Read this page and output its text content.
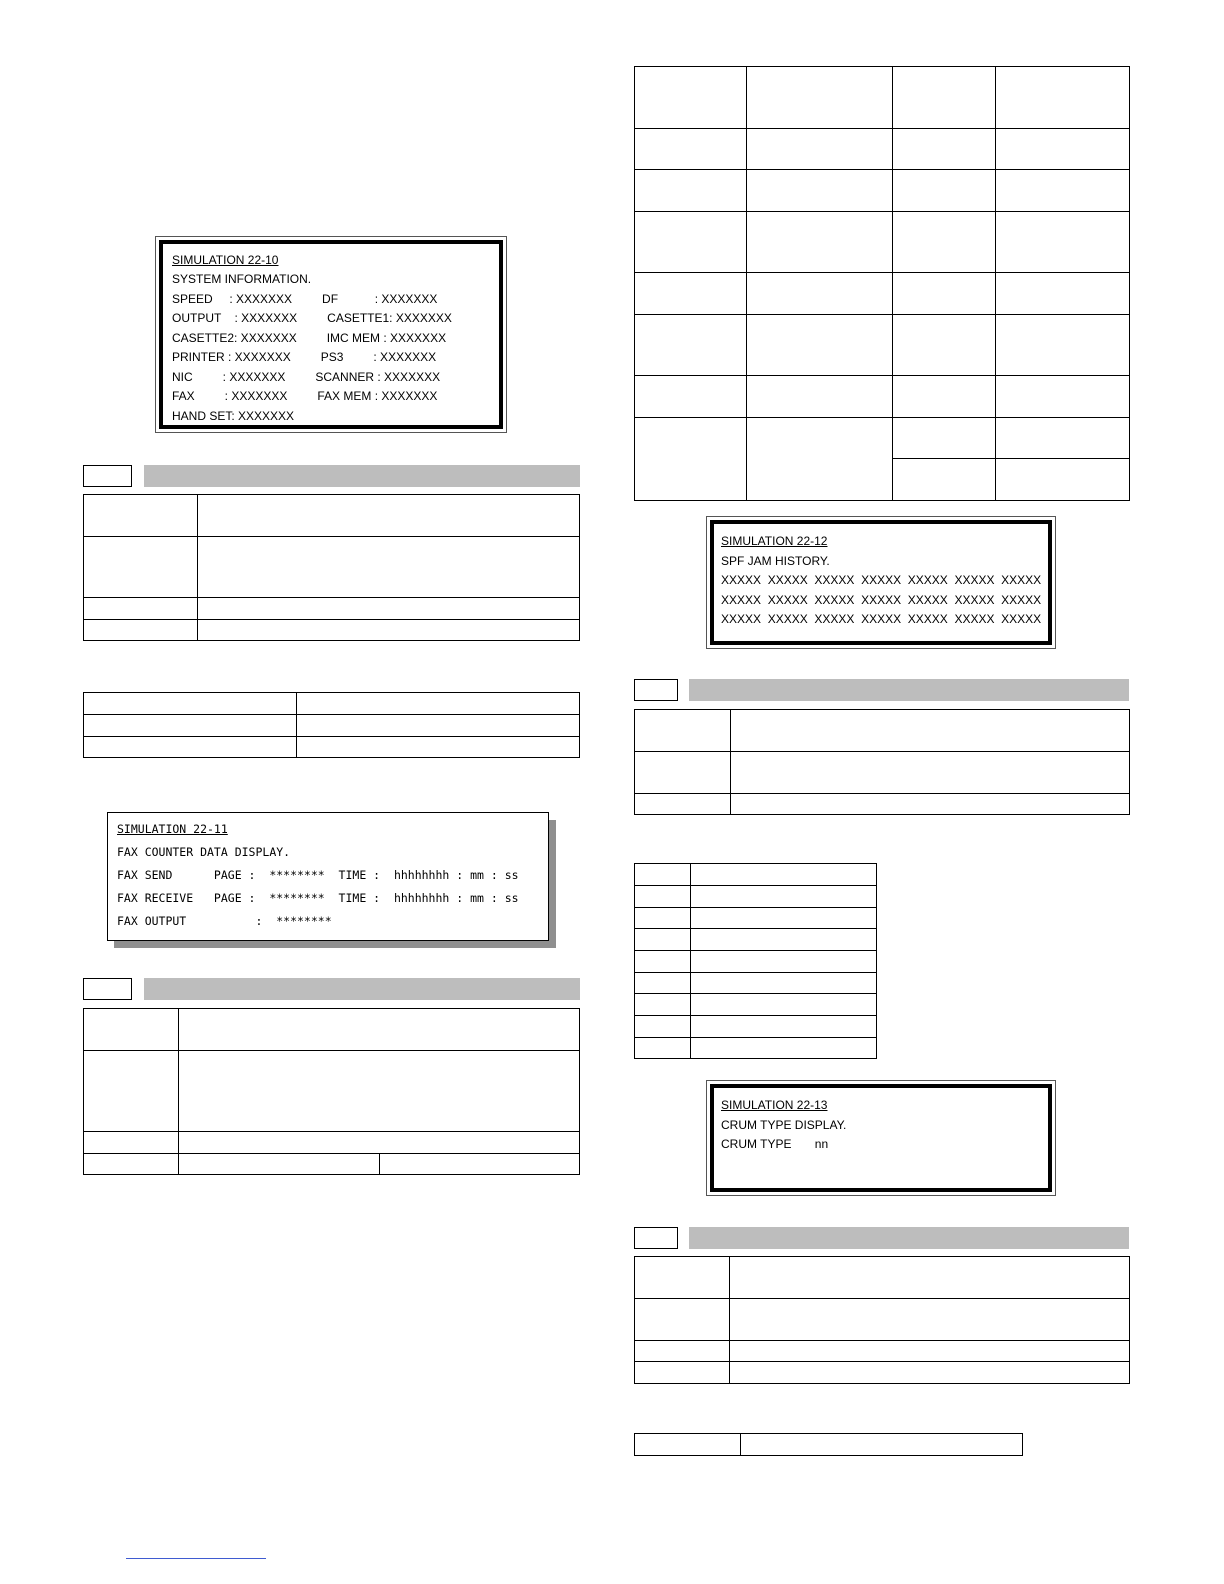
SIMULATION 22-10
SYSTEM INFORMATION.
SPEED     : XXXXXXX         DF           : XXXXXXX
OUTPUT    : XXXXXXX         CASETTE1: XXXXXXX
CASETTE2: XXXXXXX         IMC MEM : XXXXXXX
PRINTER : XXXXXXX         PS3         : XXXXXXX
NIC         : XXXXXXX         SCANNER : XXXXXXX
FAX         : XXXXXXX         FAX MEM : XXXXXXX
HAND SET: XXXXXXX

SIMULATION 22-11
FAX COUNTER DATA DISPLAY.
FAX SEND      PAGE :  ********  TIME :  hhhhhhhh : mm : ss
FAX RECEIVE   PAGE :  ********  TIME :  hhhhhhhh : mm : ss
FAX OUTPUT          :  ********

SIMULATION 22-12
SPF JAM HISTORY.
XXXXX  XXXXX  XXXXX  XXXXX  XXXXX  XXXXX  XXXXX
XXXXX  XXXXX  XXXXX  XXXXX  XXXXX  XXXXX  XXXXX
XXXXX  XXXXX  XXXXX  XXXXX  XXXXX  XXXXX  XXXXX

SIMULATION 22-13
CRUM TYPE DISPLAY.
CRUM TYPE       nn
